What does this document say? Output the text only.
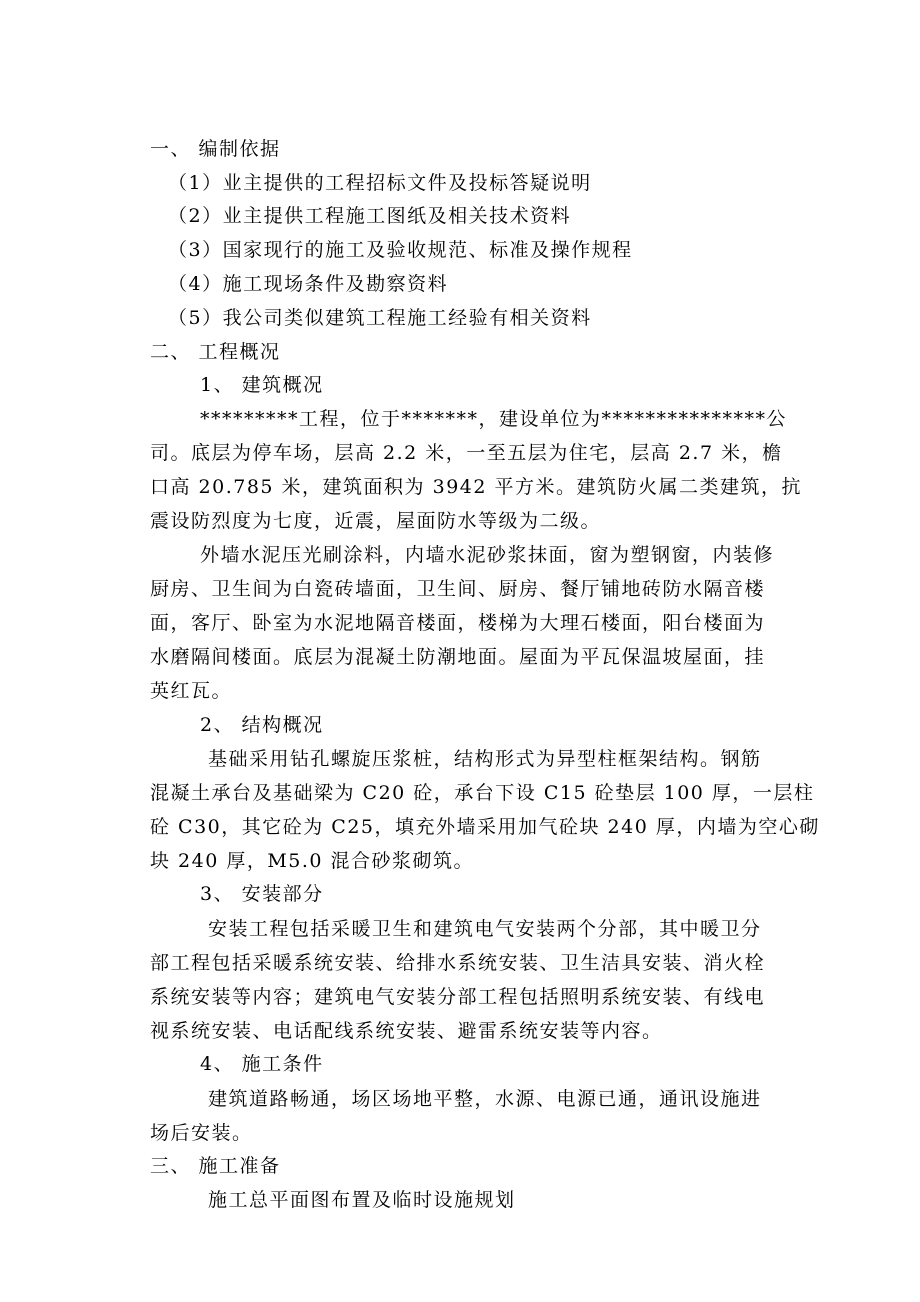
一、 编制依据
（1）业主提供的工程招标文件及投标答疑说明
（2）业主提供工程施工图纸及相关技术资料
（3）国家现行的施工及验收规范、标准及操作规程
（4）施工现场条件及勘察资料
（5）我公司类似建筑工程施工经验有相关资料
二、 工程概况
1、 建筑概况
*********工程，位于*******，建设单位为***************公
司。底层为停车场，层高 2.2 米，一至五层为住宅，层高 2.7 米，檐
口高 20.785 米，建筑面积为 3942 平方米。建筑防火属二类建筑，抗
震设防烈度为七度，近震，屋面防水等级为二级。
外墙水泥压光刷涂料，内墙水泥砂浆抹面，窗为塑钢窗，内装修
厨房、卫生间为白瓷砖墙面，卫生间、厨房、餐厅铺地砖防水隔音楼
面，客厅、卧室为水泥地隔音楼面，楼梯为大理石楼面，阳台楼面为
水磨隔间楼面。底层为混凝土防潮地面。屋面为平瓦保温坡屋面，挂
英红瓦。
2、 结构概况
基础采用钻孔螺旋压浆桩，结构形式为异型柱框架结构。钢筋
混凝土承台及基础梁为 C20 砼，承台下设 C15 砼垫层 100 厚，一层柱
砼 C30，其它砼为 C25，填充外墙采用加气砼块 240 厚，内墙为空心砌
块 240 厚，M5.0 混合砂浆砌筑。
3、 安装部分
安装工程包括采暖卫生和建筑电气安装两个分部，其中暖卫分
部工程包括采暖系统安装、给排水系统安装、卫生洁具安装、消火栓
系统安装等内容；建筑电气安装分部工程包括照明系统安装、有线电
视系统安装、电话配线系统安装、避雷系统安装等内容。
4、 施工条件
建筑道路畅通，场区场地平整，水源、电源已通，通讯设施进
场后安装。
三、 施工准备
施工总平面图布置及临时设施规划
